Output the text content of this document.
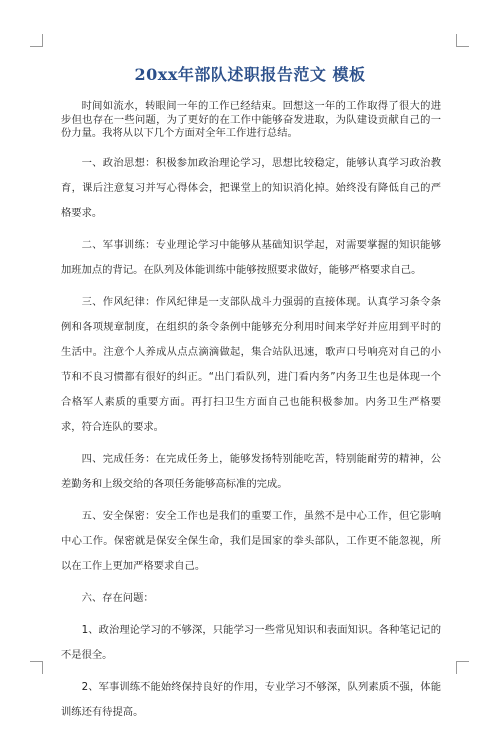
20xx年部队述职报告范文 模板

时间如流水，转眼间一年的工作已经结束。回想这一年的工作取得了很大的进步但也存在一些问题，为了更好的在工作中能够奋发进取，为队建设贡献自己的一份力量。我将从以下几个方面对全年工作进行总结。

一、政治思想：积极参加政治理论学习，思想比较稳定，能够认真学习政治教育，课后注意复习并写心得体会，把课堂上的知识消化掉。始终没有降低自己的严格要求。

二、军事训练：专业理论学习中能够从基础知识学起，对需要掌握的知识能够加班加点的背记。在队列及体能训练中能够按照要求做好，能够严格要求自己。

三、作风纪律：作风纪律是一支部队战斗力强弱的直接体现。认真学习条令条例和各项规章制度，在组织的条令条例中能够充分利用时间来学好并应用到平时的生活中。注意个人养成从点点滴滴做起，集合站队迅速，歌声口号响亮对自己的小节和不良习惯都有很好的纠正。“出门看队列，进门看内务”内务卫生也是体现一个合格军人素质的重要方面。再打扫卫生方面自己也能积极参加。内务卫生严格要求，符合连队的要求。

四、完成任务：在完成任务上，能够发扬特别能吃苦，特别能耐劳的精神，公差勤务和上级交给的各项任务能够高标准的完成。

五、安全保密：安全工作也是我们的重要工作，虽然不是中心工作，但它影响中心工作。保密就是保安全保生命，我们是国家的拳头部队，工作更不能忽视，所以在工作上更加严格要求自己。

六、存在问题：

1、政治理论学习的不够深，只能学习一些常见知识和表面知识。各种笔记记的不是很全。

2、军事训练不能始终保持良好的作用，专业学习不够深，队列素质不强，体能训练还有待提高。
